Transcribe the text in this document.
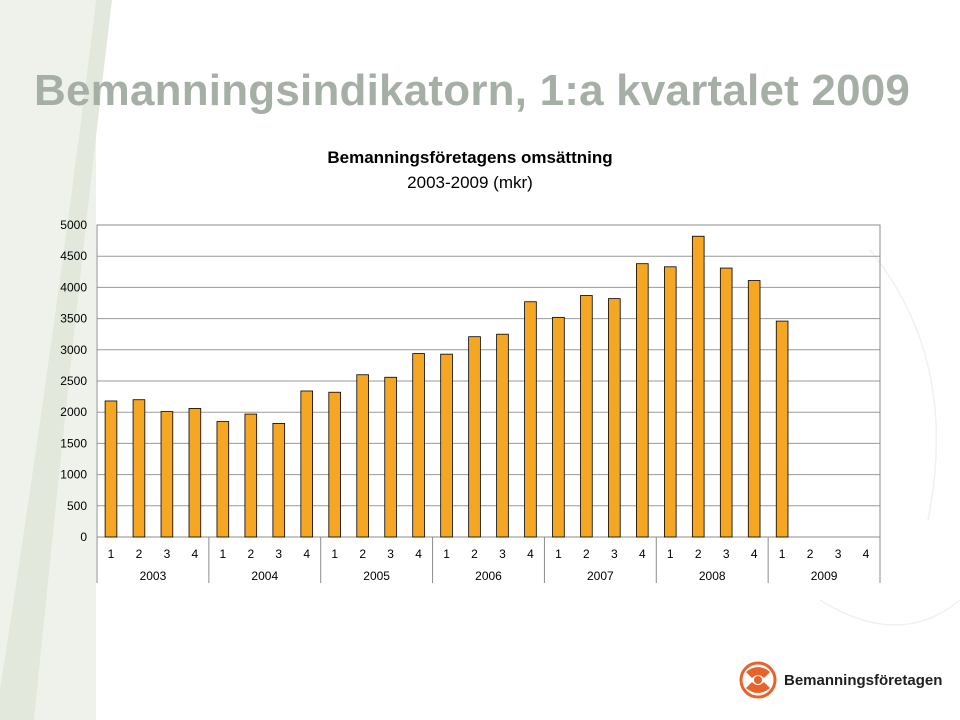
Bemanningsindikatorn, 1:a kvartalet 2009
Bemanningsföretagens omsättning
2003-2009 (mkr)
0
500
1000
1500
2000
2500
3000
3500
4000
4500
5000
1 2 3 4 1 2 3 4 1 2 3 4 1 2 3 4 1 2 3 4 1 2 3 4 1 2 3 4
2003	2004	2005	2006	2007	2008	2009
Bemanningsföretagen
